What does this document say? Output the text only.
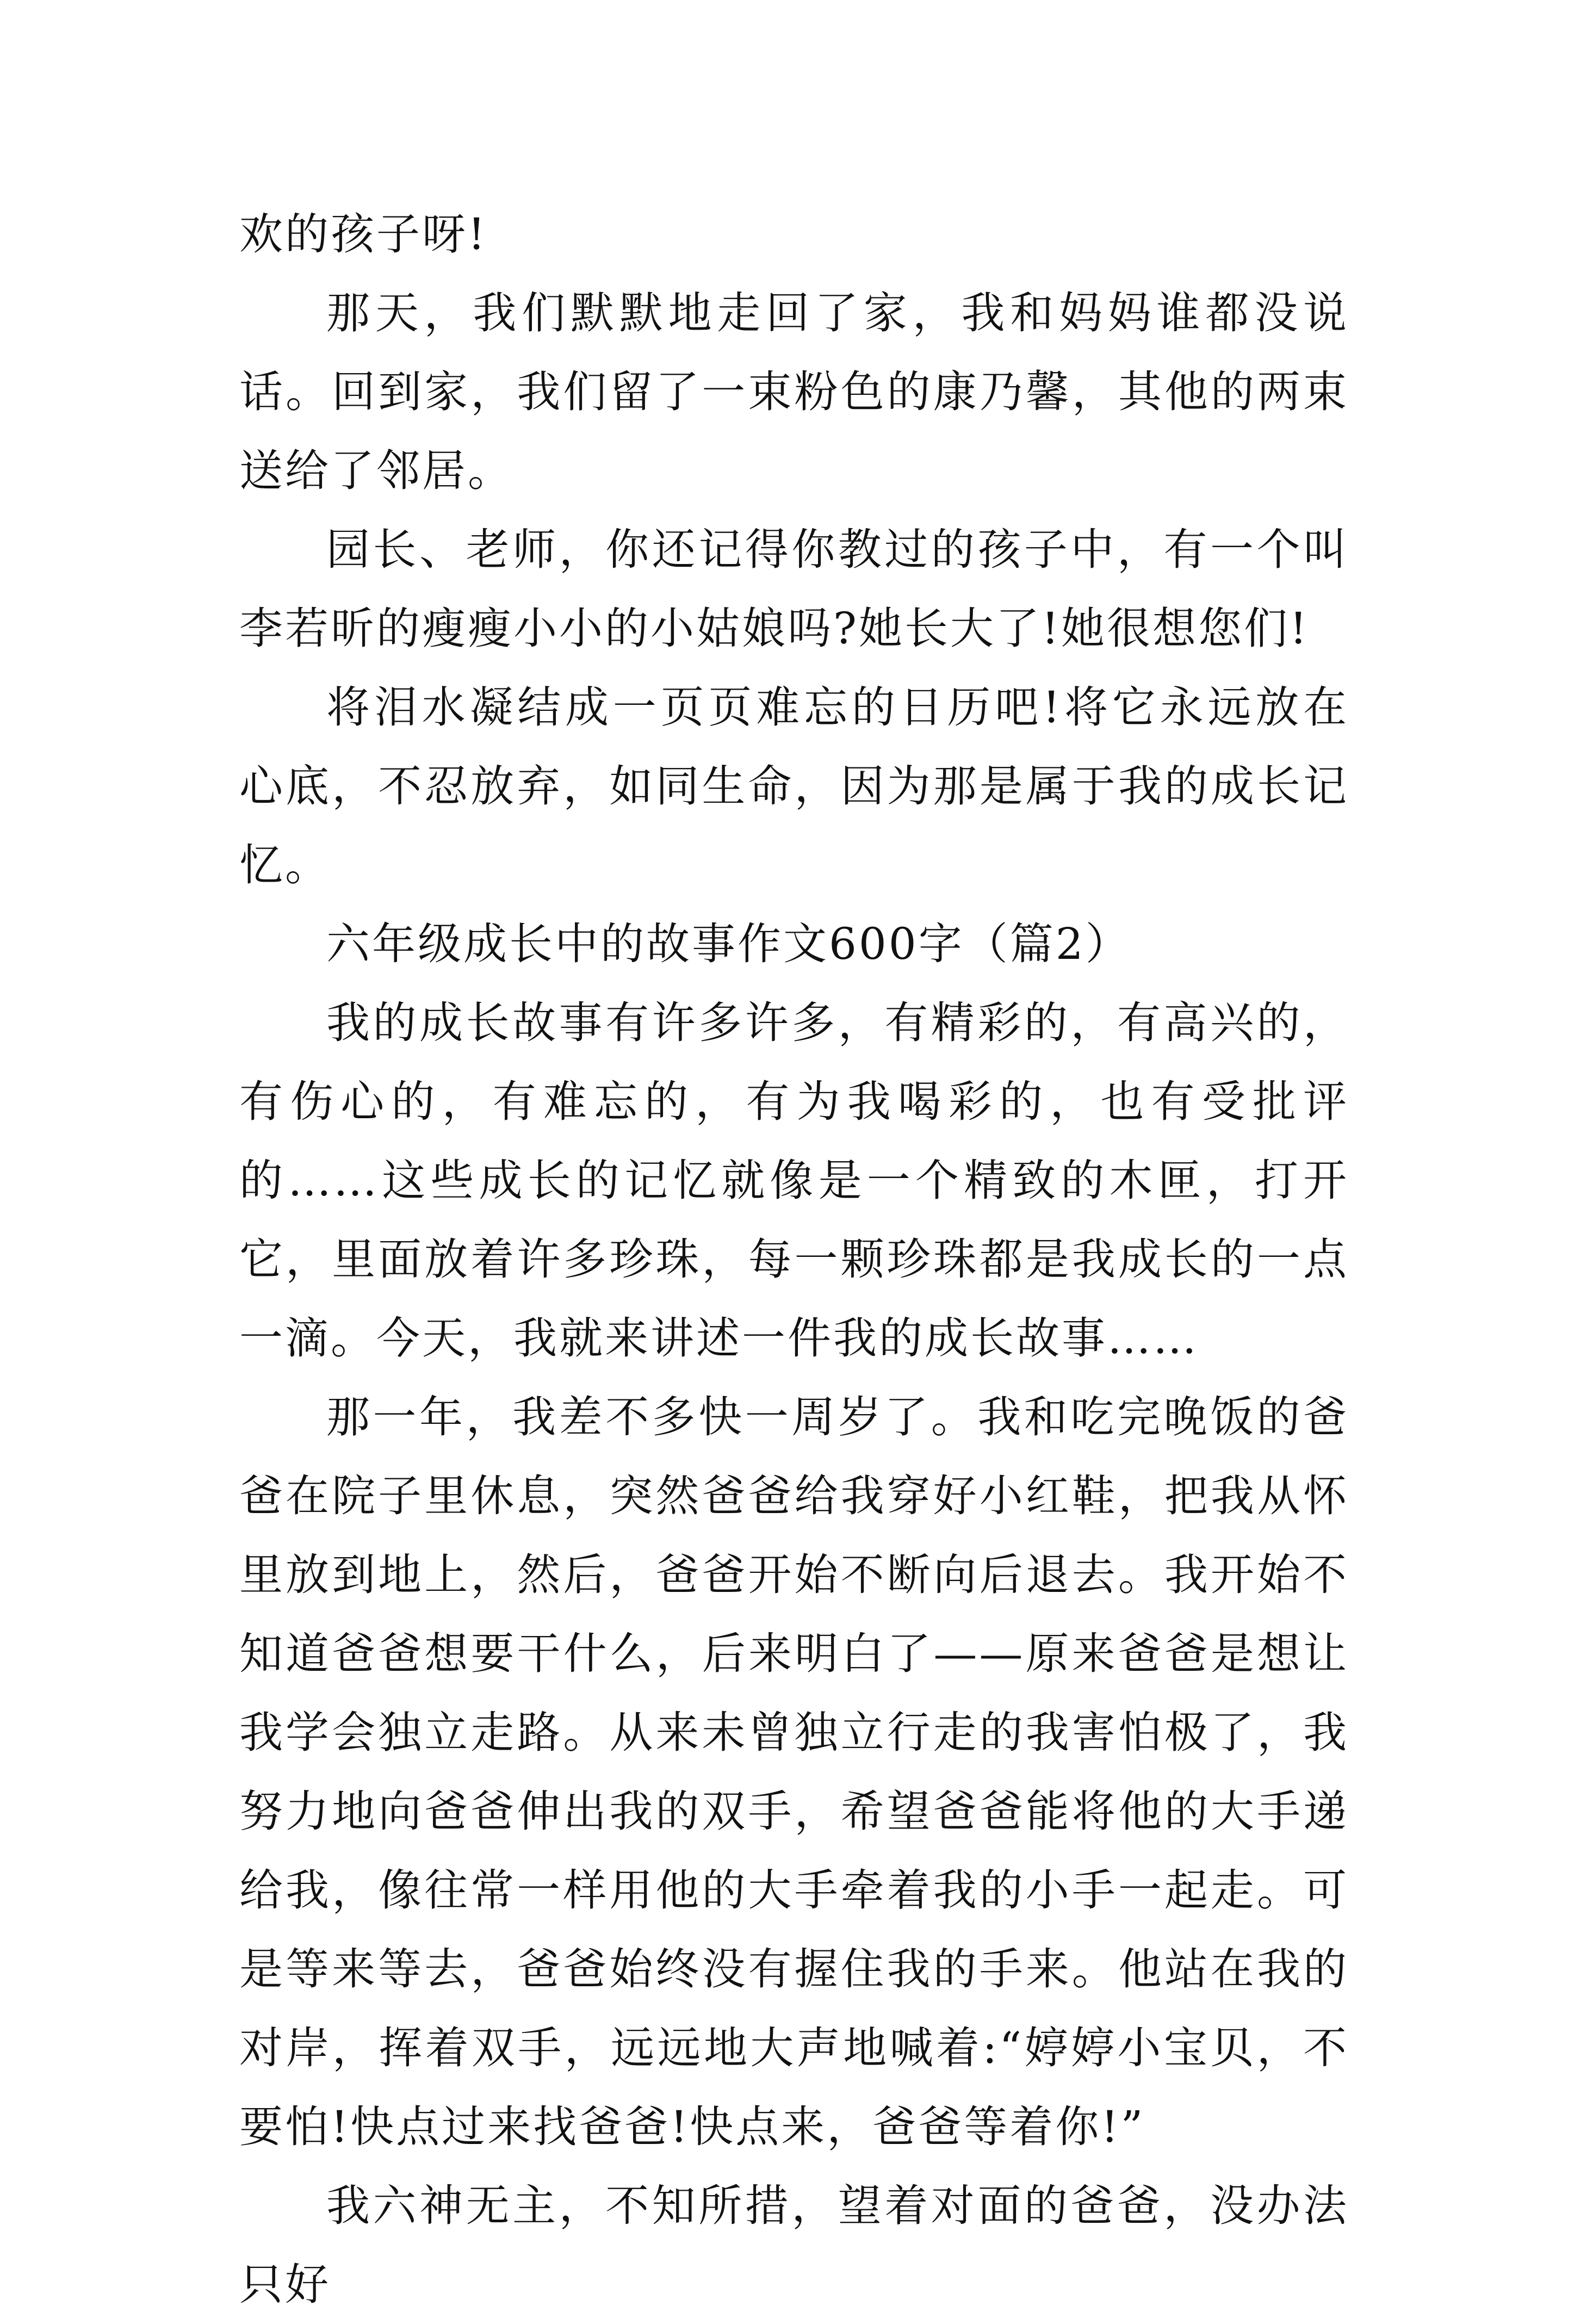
欢的孩子呀!

那天，我们默默地走回了家，我和妈妈谁都没说话。回到家，我们留了一束粉色的康乃馨，其他的两束送给了邻居。

园长、老师，你还记得你教过的孩子中，有一个叫李若昕的瘦瘦小小的小姑娘吗?她长大了!她很想您们!

将泪水凝结成一页页难忘的日历吧!将它永远放在心底，不忍放弃，如同生命，因为那是属于我的成长记忆。

六年级成长中的故事作文600字（篇2）

我的成长故事有许多许多，有精彩的，有高兴的，有伤心的，有难忘的，有为我喝彩的，也有受批评的……这些成长的记忆就像是一个精致的木匣，打开它，里面放着许多珍珠，每一颗珍珠都是我成长的一点一滴。今天，我就来讲述一件我的成长故事……

那一年，我差不多快一周岁了。我和吃完晚饭的爸爸在院子里休息，突然爸爸给我穿好小红鞋，把我从怀里放到地上，然后，爸爸开始不断向后退去。我开始不知道爸爸想要干什么，后来明白了——原来爸爸是想让我学会独立走路。从来未曾独立行走的我害怕极了，我努力地向爸爸伸出我的双手，希望爸爸能将他的大手递给我，像往常一样用他的大手牵着我的小手一起走。可是等来等去，爸爸始终没有握住我的手来。他站在我的对岸，挥着双手，远远地大声地喊着:“婷婷小宝贝，不要怕!快点过来找爸爸!快点来，爸爸等着你!”

我六神无主，不知所措，望着对面的爸爸，没办法只好
